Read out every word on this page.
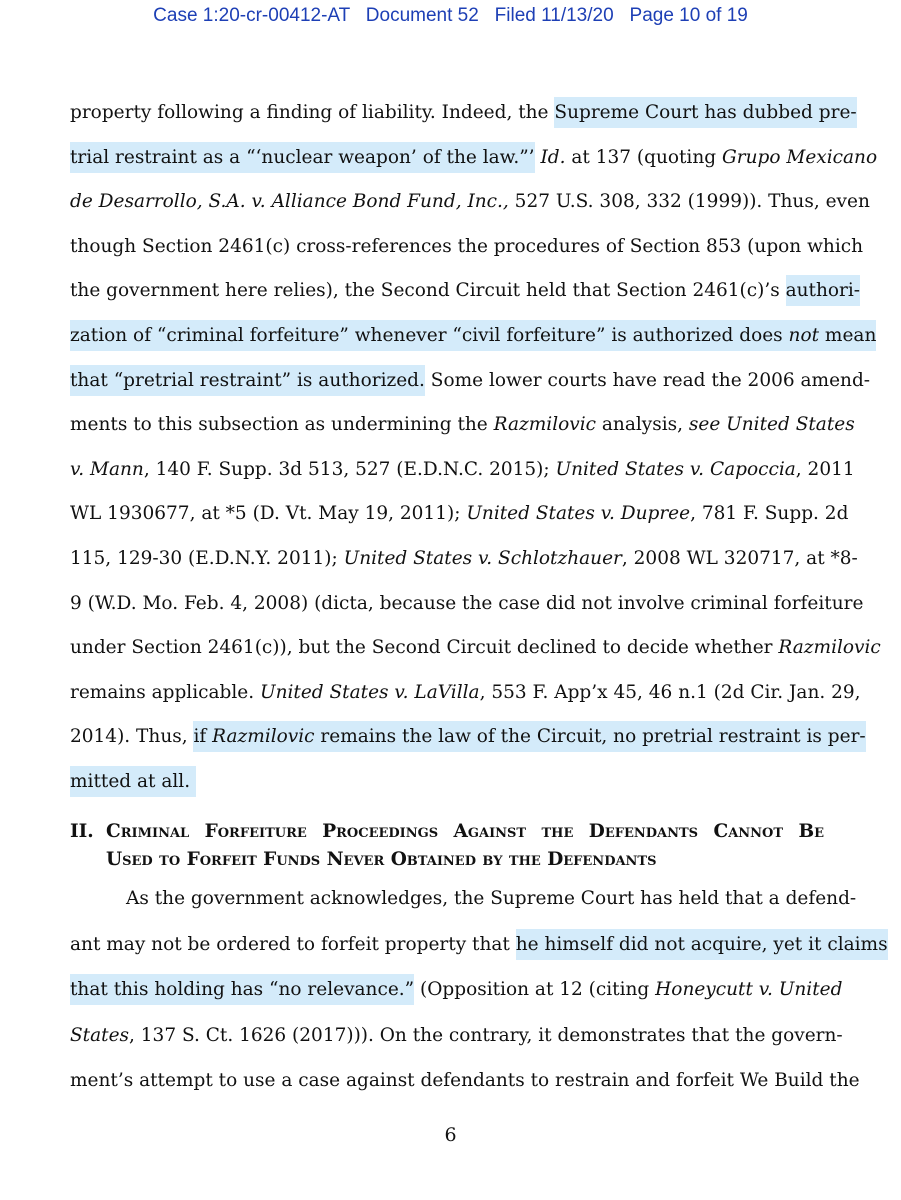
Case 1:20-cr-00412-AT Document 52 Filed 11/13/20 Page 10 of 19
property following a finding of liability. Indeed, the Supreme Court has dubbed pre-
trial restraint as a “‘nuclear weapon’ of the law.”’ Id. at 137 (quoting Grupo Mexicano
de Desarrollo, S.A. v. Alliance Bond Fund, Inc., 527 U.S. 308, 332 (1999)). Thus, even
though Section 2461(c) cross-references the procedures of Section 853 (upon which
the government here relies), the Second Circuit held that Section 2461(c)’s authori-
zation of “criminal forfeiture” whenever “civil forfeiture” is authorized does not mean
that “pretrial restraint” is authorized. Some lower courts have read the 2006 amend-
ments to this subsection as undermining the Razmilovic analysis, see United States
v. Mann, 140 F. Supp. 3d 513, 527 (E.D.N.C. 2015); United States v. Capoccia, 2011
WL 1930677, at *5 (D. Vt. May 19, 2011); United States v. Dupree, 781 F. Supp. 2d
115, 129-30 (E.D.N.Y. 2011); United States v. Schlotzhauer, 2008 WL 320717, at *8-
9 (W.D. Mo. Feb. 4, 2008) (dicta, because the case did not involve criminal forfeiture
under Section 2461(c)), but the Second Circuit declined to decide whether Razmilovic
remains applicable. United States v. LaVilla, 553 F. App’x 45, 46 n.1 (2d Cir. Jan. 29,
2014). Thus, if Razmilovic remains the law of the Circuit, no pretrial restraint is per-
mitted at all.
II. Criminal Forfeiture Proceedings Against the Defendants Cannot Be
Used to Forfeit Funds Never Obtained by the Defendants
As the government acknowledges, the Supreme Court has held that a defend-
ant may not be ordered to forfeit property that he himself did not acquire, yet it claims
that this holding has “no relevance.” (Opposition at 12 (citing Honeycutt v. United
States, 137 S. Ct. 1626 (2017))). On the contrary, it demonstrates that the govern-
ment’s attempt to use a case against defendants to restrain and forfeit We Build the
6
